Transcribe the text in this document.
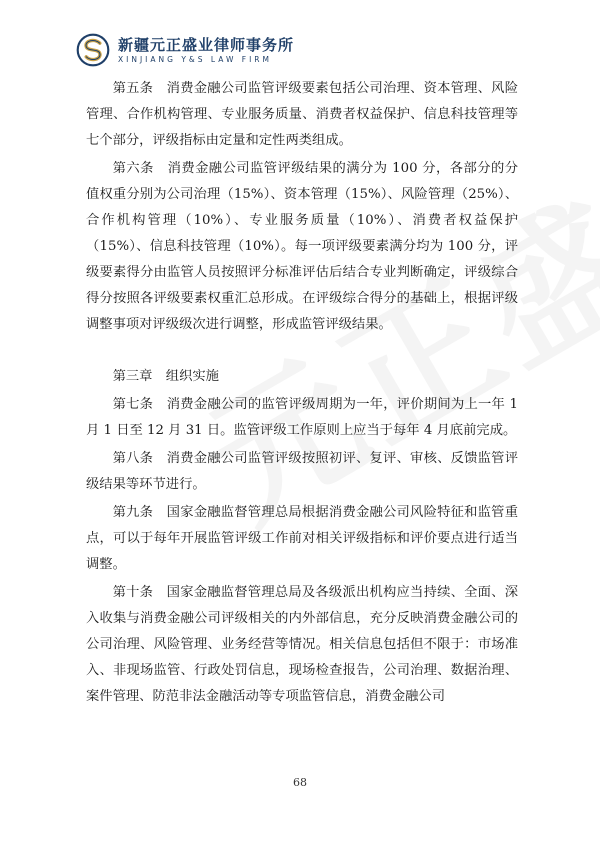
新疆元正盛业律师事务所
XINJIANG Y&S LAW FIRM

第五条　消费金融公司监管评级要素包括公司治理、资本管理、风险管理、合作机构管理、专业服务质量、消费者权益保护、信息科技管理等七个部分，评级指标由定量和定性两类组成。

第六条　消费金融公司监管评级结果的满分为 100 分，各部分的分值权重分别为公司治理（15%）、资本管理（15%）、风险管理（25%）、合作机构管理（10%）、专业服务质量（10%）、消费者权益保护（15%）、信息科技管理（10%）。每一项评级要素满分均为 100 分，评级要素得分由监管人员按照评分标准评估后结合专业判断确定，评级综合得分按照各评级要素权重汇总形成。在评级综合得分的基础上，根据评级调整事项对评级级次进行调整，形成监管评级结果。

第三章　组织实施

第七条　消费金融公司的监管评级周期为一年，评价期间为上一年 1 月 1 日至 12 月 31 日。监管评级工作原则上应当于每年 4 月底前完成。

第八条　消费金融公司监管评级按照初评、复评、审核、反馈监管评级结果等环节进行。

第九条　国家金融监督管理总局根据消费金融公司风险特征和监管重点，可以于每年开展监管评级工作前对相关评级指标和评价要点进行适当调整。

第十条　国家金融监督管理总局及各级派出机构应当持续、全面、深入收集与消费金融公司评级相关的内外部信息，充分反映消费金融公司的公司治理、风险管理、业务经营等情况。相关信息包括但不限于：市场准入、非现场监管、行政处罚信息，现场检查报告，公司治理、数据治理、案件管理、防范非法金融活动等专项监管信息，消费金融公司

68
